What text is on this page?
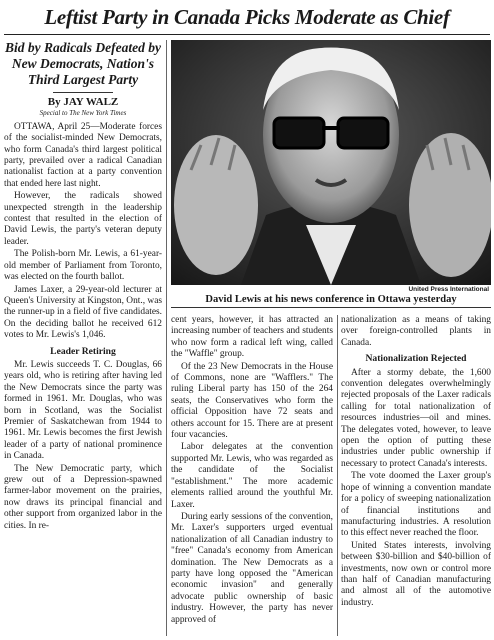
Leftist Party in Canada Picks Moderate as Chief
Bid by Radicals Defeated by New Democrats, Nation's Third Largest Party
By JAY WALZ
Special to The New York Times

OTTAWA, April 25—Moderate forces of the socialist-minded New Democrats, who form Canada's third largest political party, prevailed over a radical Canadian nationalist faction at a party convention that ended here last night.

However, the radicals showed unexpected strength in the leadership contest that resulted in the election of David Lewis, the party's veteran deputy leader.

The Polish-born Mr. Lewis, a 61-year-old member of Parliament from Toronto, was elected on the fourth ballot.

James Laxer, a 29-year-old lecturer at Queen's University at Kingston, Ont., was the runner-up in a field of five candidates. On the deciding ballot he received 612 votes to Mr. Lewis's 1,046.

Leader Retiring

Mr. Lewis succeeds T. C. Douglas, 66 years old, who is retiring after having led the New Democrats since the party was formed in 1961. Mr. Douglas, who was born in Scotland, was the Socialist Premier of Saskatchewan from 1944 to 1961. Mr. Lewis becomes the first Jewish leader of a party of national prominence in Canada.

The New Democratic party, which grew out of a Depression-spawned farmer-labor movement on the prairies, now draws its principal financial and other support from organized labor in the cities. In re-

United Press International
David Lewis at his news conference in Ottawa yesterday

cent years, however, it has attracted an increasing number of teachers and students who now form a radical left wing, called the "Waffle" group.

Of the 23 New Democrats in the House of Commons, none are "Wafflers." The ruling Liberal party has 150 of the 264 seats, the Conservatives who form the official Opposition have 72 seats and others account for 15. There are at present four vacancies.

Labor delegates at the convention supported Mr. Lewis, who was regarded as the candidate of the Socialist "establishment." The more academic elements rallied around the youthful Mr. Laxer.

During early sessions of the convention, Mr. Laxer's supporters urged eventual nationalization of all Canadian industry to "free" Canada's economy from American domination. The New Democrats as a party have long opposed the "American economic invasion" and generally advocate public ownership of basic industry. However, the party has never approved of

nationalization as a means of taking over foreign-controlled plants in Canada.

Nationalization Rejected

After a stormy debate, the 1,600 convention delegates overwhelmingly rejected proposals of the Laxer radicals calling for total nationalization of resources industries—oil and mines. The delegates voted, however, to leave open the option of putting these industries under public ownership if necessary to protect Canada's interests.

The vote doomed the Laxer group's hope of winning a convention mandate for a policy of sweeping nationalization of financial institutions and manufacturing industries. A resolution to this effect never reached the floor.

United States interests, involving between $30-billion and $40-billion of investments, now own or control more than half of Canadian manufacturing and almost all of the automotive industry.
